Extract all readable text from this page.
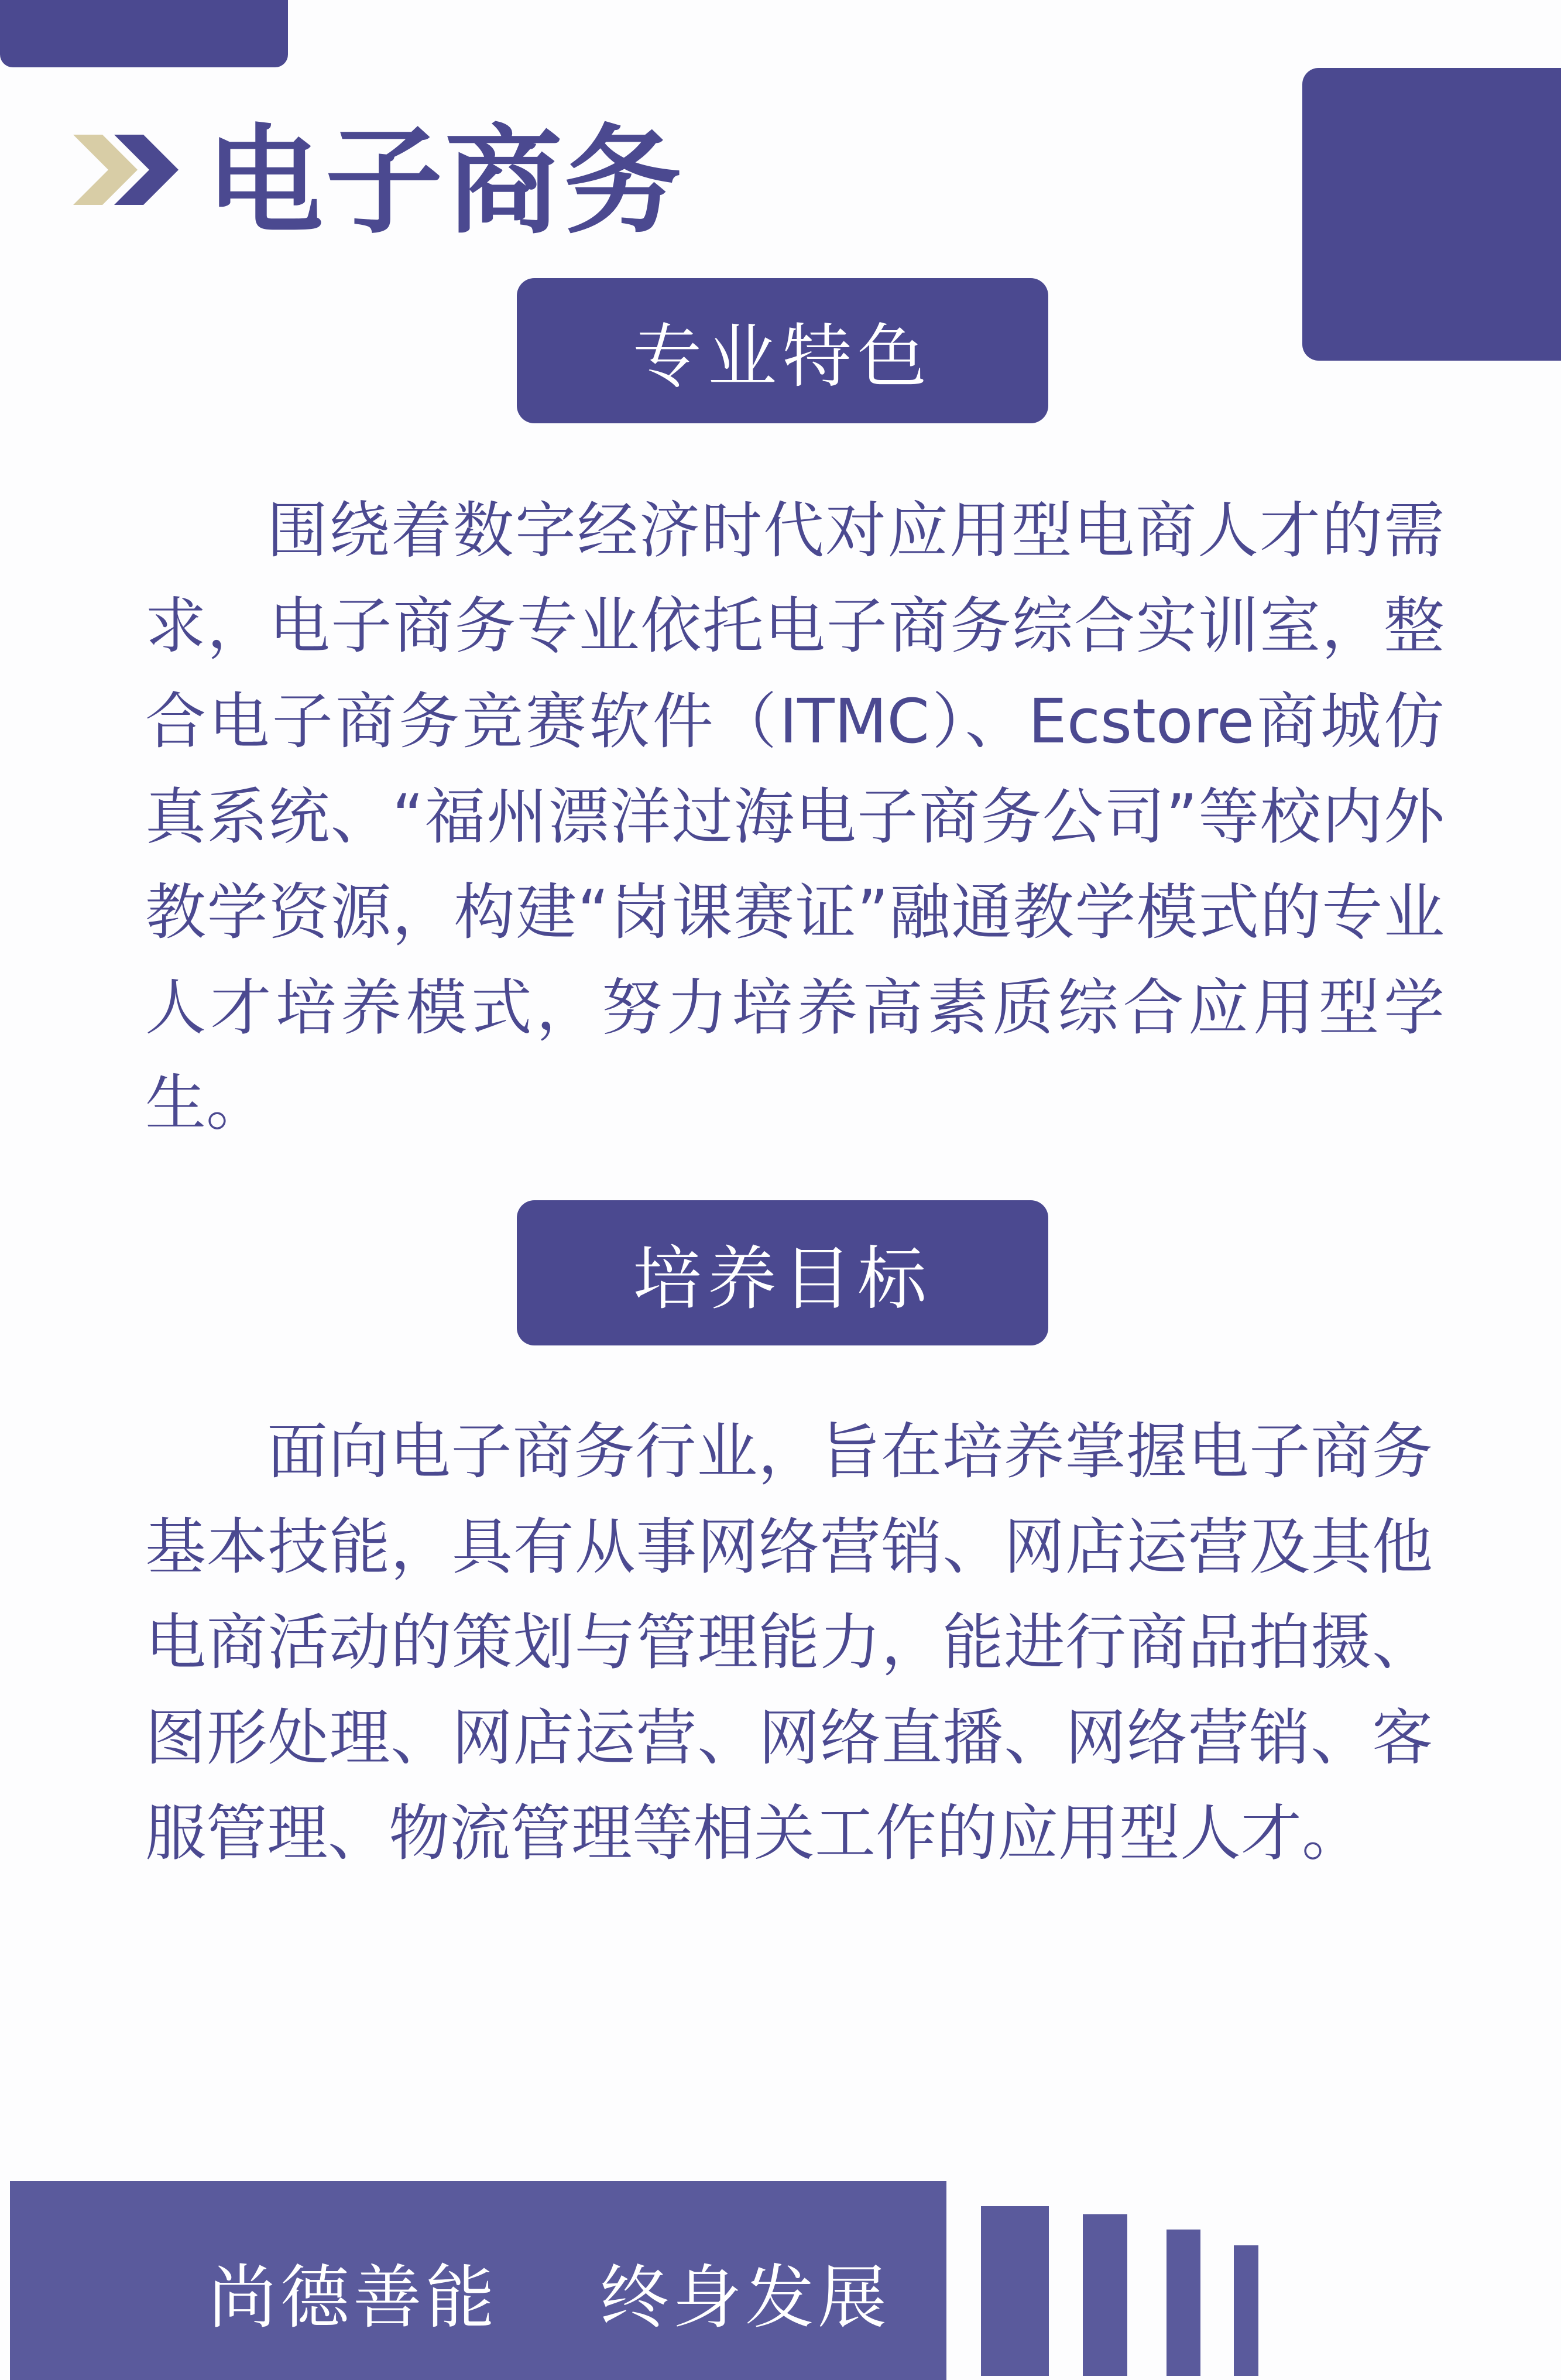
电子商务
专业特色

围绕着数字经济时代对应用型电商人才的需求，电子商务专业依托电子商务综合实训室，整合电子商务竞赛软件（ITMC）、Ecstore商城仿真系统、“福州漂洋过海电子商务公司”等校内外教学资源，构建“岗课赛证”融通教学模式的专业人才培养模式，努力培养高素质综合应用型学生。

培养目标

面向电子商务行业，旨在培养掌握电子商务基本技能，具有从事网络营销、网店运营及其他电商活动的策划与管理能力，能进行商品拍摄、图形处理、网店运营、网络直播、网络营销、客服管理、物流管理等相关工作的应用型人才。

尚德善能    终身发展
